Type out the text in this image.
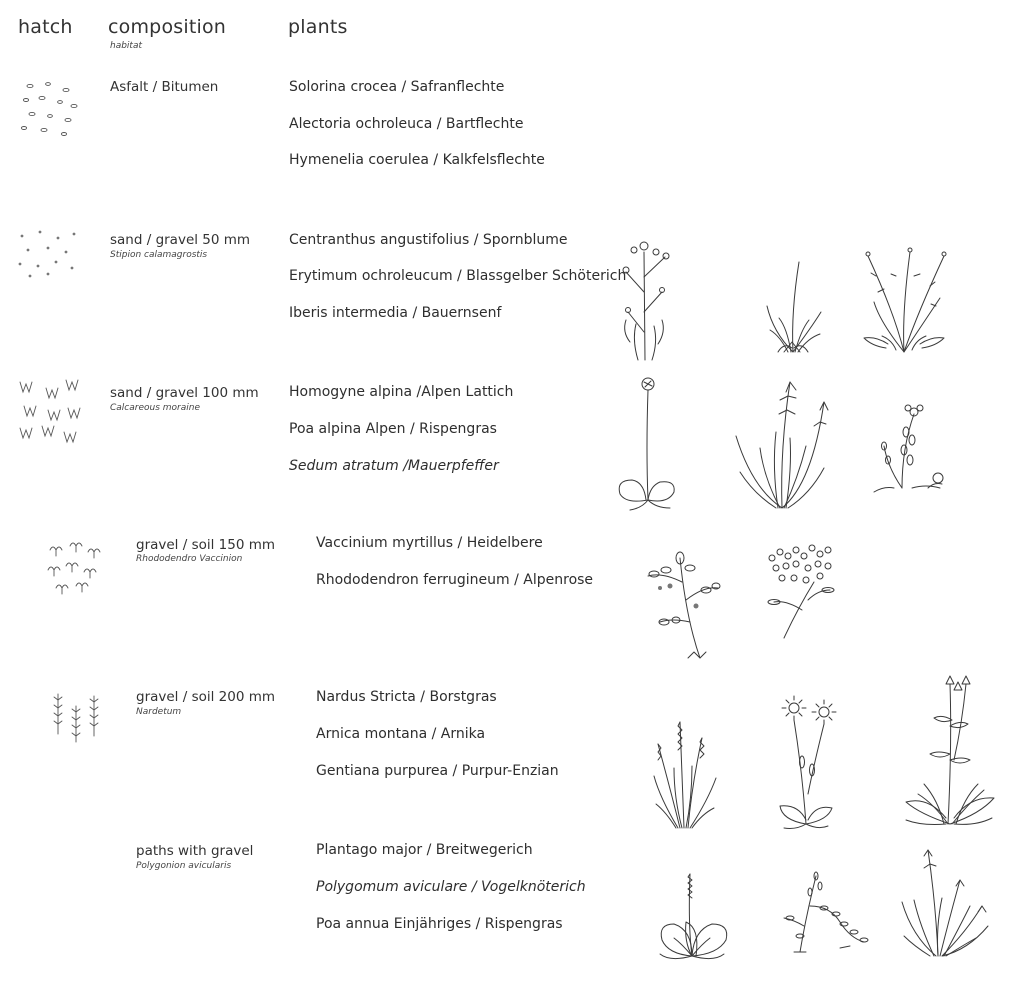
hatch composition
habitat
plants
Asfalt / Bitumen	Solorina crocea / Safranflechte
Alectoria ochroleuca / Bartflechte
Hymenelia coerulea / Kalkfelsflechte
sand / gravel 50 mm
Stipion calamagrostis
Centranthus angustifolius / Spornblume
Erytimum ochroleucum / Blassgelber Schöterich
Iberis intermedia / Bauernsenf
sand / gravel 100 mm
Calcareous moraine
Homogyne alpina /Alpen Lattich
Poa alpina Alpen / Rispengras
Sedum atratum /Mauerpfeffer
gravel / soil 150 mm
Rhododendro Vaccinion
Vaccinium myrtillus / Heidelbere
Rhododendron ferrugineum / Alpenrose
gravel / soil 200 mm
Nardetum
Nardus Stricta / Borstgras
Arnica montana / Arnika
Gentiana purpurea / Purpur-Enzian
paths with gravel
Polygonion avicularis
Plantago major / Breitwegerich
Polygomum aviculare / Vogelknöterich
Poa annua Einjähriges / Rispengras
